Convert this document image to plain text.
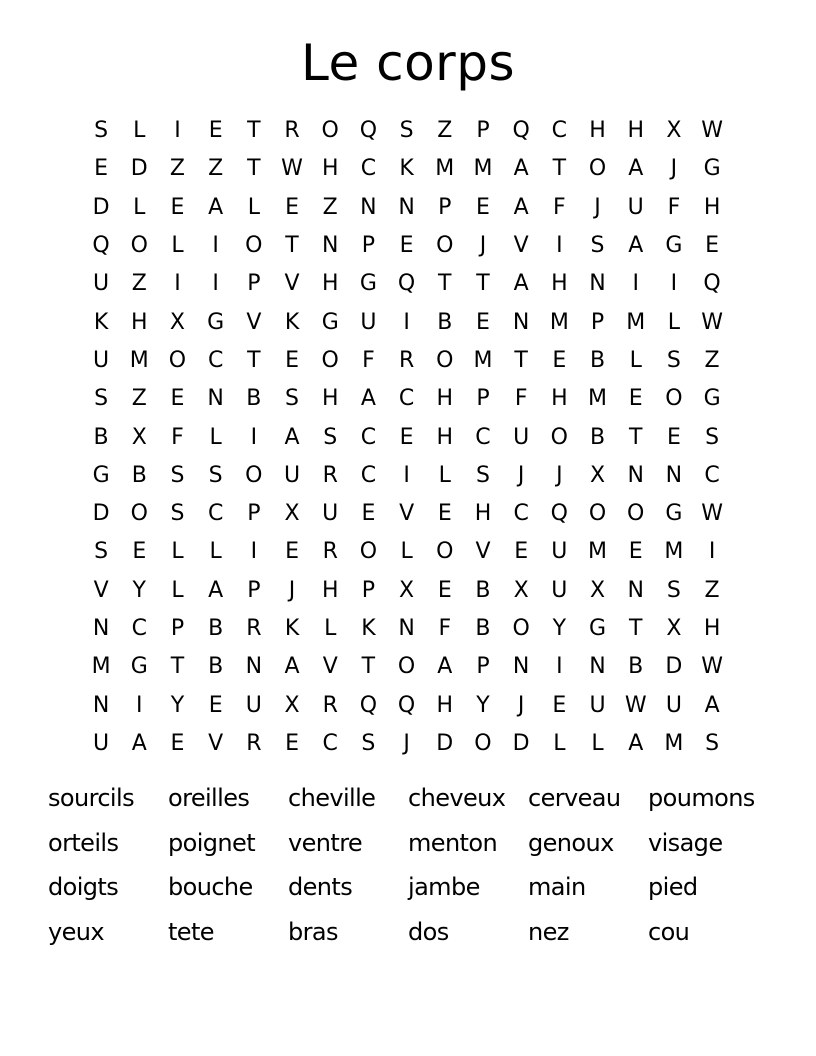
Le corps
S	L	I	E	T	R O Q	S	Z	P	Q C	H H	X W
E	D	Z	Z	T W H	C	K M M A	T	O	A	J	G
D	L	E	A	L	E	Z	N N	P	E	A	F	J	U	F	H
Q O	L	I	O	T	N	P	E	O	J	V	I	S	A	G	E
U	Z	I	I	P	V	H G Q	T	T	A	H N	I	I	Q
K	H	X	G	V	K	G U	I	B	E	N M	P	M	L W
U M O C	T	E	O	F	R O M T	E	B	L	S	Z
S	Z	E	N	B	S	H	A	C	H	P	F	H M E	O G
B	X	F	L	I	A	S	C	E	H	C	U O B	T	E	S
G	B	S	S	O U	R	C	I	L	S	J	J	X	N N	C
D O	S	C	P	X	U	E	V	E	H	C Q O O G W
S	E	L	L	I	E	R O	L	O	V	E	U M E M	I
V	Y	L	A	P	J	H	P	X	E	B	X	U	X	N	S	Z
N	C	P	B	R	K	L	K	N	F	B O	Y	G	T	X	H
M G	T	B	N	A	V	T	O	A	P	N	I	N	B	D W
N	I	Y	E	U	X	R Q Q H	Y	J	E	U W U	A
U	A	E	V	R	E	C	S	J	D O D	L	L	A M S
sourcils	oreilles	cheville	cheveux cerveau	poumons
orteils	poignet	ventre	menton	genoux	visage
doigts	bouche	dents	jambe	main	pied
yeux	tete	bras	dos	nez	cou
